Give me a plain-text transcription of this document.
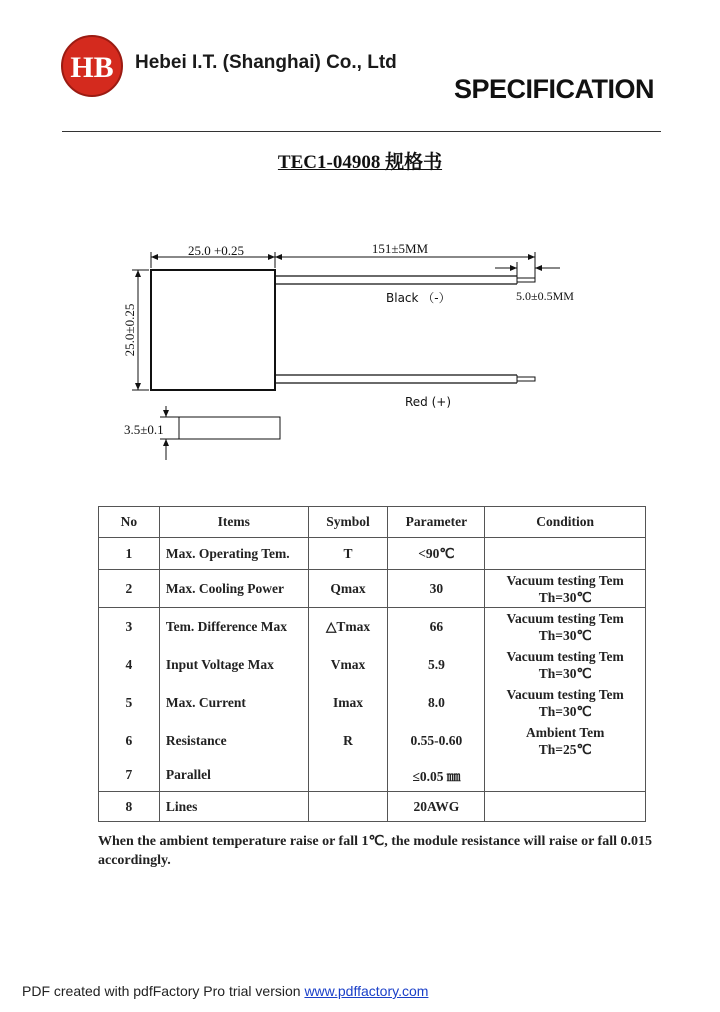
HB Hebei I.T. (Shanghai) Co., Ltd
SPECIFICATION
TEC1-04908 规格书
25.0 +0.25	151±5MM
5.0±0.5MM
Black （-）
Red (+)
3.5±0.1
25.0±0.25
No	Items	Symbol	Parameter	Condition
1	Max. Operating Tem.	T	<90℃	

2	Max. Cooling Power	Qmax	30	Vacuum testing Tem
Th=30℃

3	Tem. Difference Max	△Tmax	66	Vacuum testing Tem
Th=30℃

4	Input Voltage Max	Vmax	5.9	Vacuum testing Tem
Th=30℃

5	Max. Current	Imax	8.0	Vacuum testing Tem
Th=30℃

6	Resistance	R	0.55-0.60	Ambient Tem
Th=25℃

7	Parallel		≤0.05 ㎜	

8	Lines		20AWG	
When the ambient temperature raise or fall 1℃, the module resistance will raise or fall 0.015 accordingly.
PDF created with pdfFactory Pro trial version www.pdffactory.com
